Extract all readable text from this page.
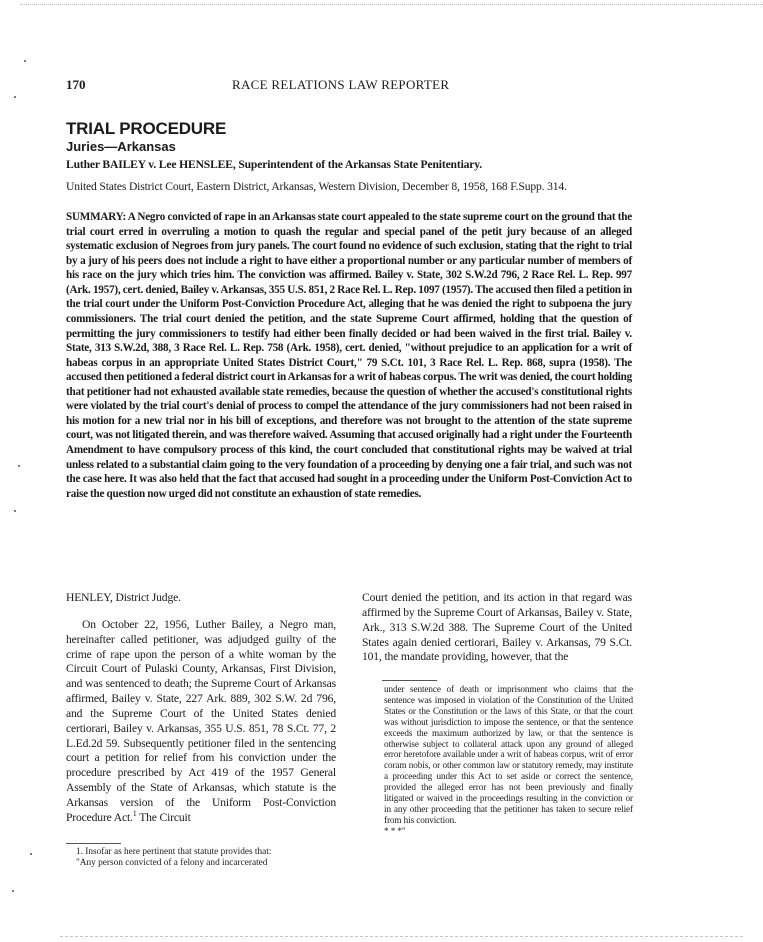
170	RACE RELATIONS LAW REPORTER
TRIAL PROCEDURE
Juries—Arkansas
Luther BAILEY v. Lee HENSLEE, Superintendent of the Arkansas State Penitentiary.
United States District Court, Eastern District, Arkansas, Western Division, December 8, 1958, 168 F.Supp. 314.
SUMMARY: A Negro convicted of rape in an Arkansas state court appealed to the state supreme court on the ground that the trial court erred in overruling a motion to quash the regular and special panel of the petit jury because of an alleged systematic exclusion of Negroes from jury panels. The court found no evidence of such exclusion, stating that the right to trial by a jury of his peers does not include a right to have either a proportional number or any particular number of members of his race on the jury which tries him. The conviction was affirmed. Bailey v. State, 302 S.W.2d 796, 2 Race Rel. L. Rep. 997 (Ark. 1957), cert. denied, Bailey v. Arkansas, 355 U.S. 851, 2 Race Rel. L. Rep. 1097 (1957). The accused then filed a petition in the trial court under the Uniform Post-Conviction Procedure Act, alleging that he was denied the right to subpoena the jury commissioners. The trial court denied the petition, and the state Supreme Court affirmed, holding that the question of permitting the jury commissioners to testify had either been finally decided or had been waived in the first trial. Bailey v. State, 313 S.W.2d, 388, 3 Race Rel. L. Rep. 758 (Ark. 1958), cert. denied, "without prejudice to an application for a writ of habeas corpus in an appropriate United States District Court," 79 S.Ct. 101, 3 Race Rel. L. Rep. 868, supra (1958). The accused then petitioned a federal district court in Arkansas for a writ of habeas corpus. The writ was denied, the court holding that petitioner had not exhausted available state remedies, because the question of whether the accused's constitutional rights were violated by the trial court's denial of process to compel the attendance of the jury commissioners had not been raised in his motion for a new trial nor in his bill of exceptions, and therefore was not brought to the attention of the state supreme court, was not litigated therein, and was therefore waived. Assuming that accused originally had a right under the Fourteenth Amendment to have compulsory process of this kind, the court concluded that constitutional rights may be waived at trial unless related to a substantial claim going to the very foundation of a proceeding by denying one a fair trial, and such was not the case here. It was also held that the fact that accused had sought in a proceeding under the Uniform Post-Conviction Act to raise the question now urged did not constitute an exhaustion of state remedies.

HENLEY, District Judge.

On October 22, 1956, Luther Bailey, a Negro man, hereinafter called petitioner, was adjudged guilty of the crime of rape upon the person of a white woman by the Circuit Court of Pulaski County, Arkansas, First Division, and was sentenced to death; the Supreme Court of Arkansas affirmed, Bailey v. State, 227 Ark. 889, 302 S.W. 2d 796, and the Supreme Court of the United States denied certiorari, Bailey v. Arkansas, 355 U.S. 851, 78 S.Ct. 77, 2 L.Ed.2d 59. Subsequently petitioner filed in the sentencing court a petition for relief from his conviction under the procedure prescribed by Act 419 of the 1957 General Assembly of the State of Arkansas, which statute is the Arkansas version of the Uniform Post-Conviction Procedure Act.$^1$ The Circuit

1. Insofar as here pertinent that statute provides that:

"Any person convicted of a felony and incarcerated

Court denied the petition, and its action in that regard was affirmed by the Supreme Court of Arkansas, Bailey v. State, Ark., 313 S.W.2d 388. The Supreme Court of the United States again denied certiorari, Bailey v. Arkansas, 79 S.Ct. 101, the mandate providing, however, that the

under sentence of death or imprisonment who claims that the sentence was imposed in violation of the Constitution of the United States or the Constitution or the laws of this State, or that the court was without jurisdiction to impose the sentence, or that the sentence exceeds the maximum authorized by law, or that the sentence is otherwise subject to collateral attack upon any ground of alleged error heretofore available under a writ of habeas corpus, writ of error coram nobis, or other common law or statutory remedy, may institute a proceeding under this Act to set aside or correct the sentence, provided the alleged error has not been previously and finally litigated or waived in the proceedings resulting in the conviction or in any other proceeding that the petitioner has taken to secure relief from his conviction.

* * *"
